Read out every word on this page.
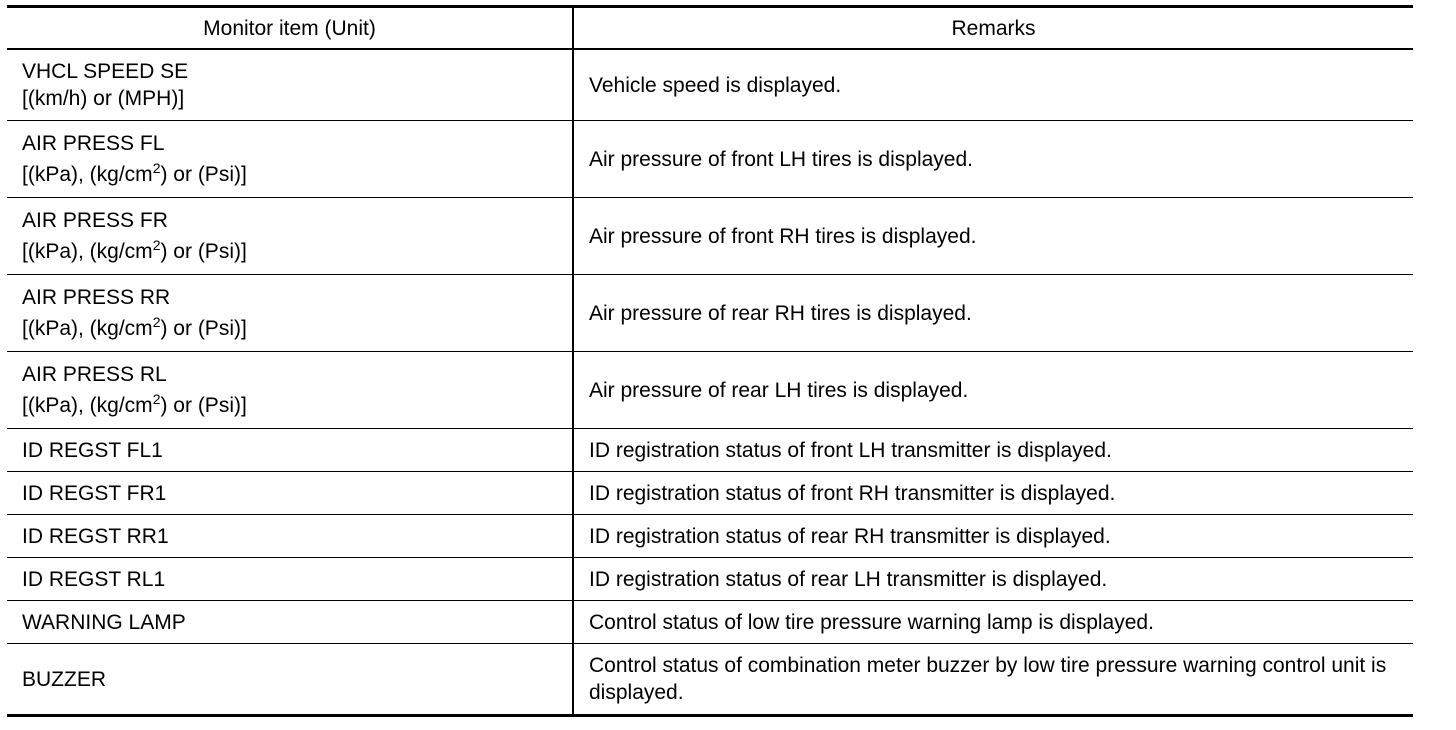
Monitor item (Unit)	Remarks

VHCL SPEED SE
[(km/h) or (MPH)]	Vehicle speed is displayed.

AIR PRESS FL
[(kPa), $(kg/cm^2)$ or (Psi)]	Air pressure of front LH tires is displayed.

AIR PRESS FR
[(kPa), $(kg/cm^2)$ or (Psi)]	Air pressure of front RH tires is displayed.

AIR PRESS RR
[(kPa), $(kg/cm^2)$ or (Psi)]	Air pressure of rear RH tires is displayed.

AIR PRESS RL
[(kPa), $(kg/cm^2)$ or (Psi)]	Air pressure of rear LH tires is displayed.
ID REGST FL1	ID registration status of front LH transmitter is displayed.
ID REGST FR1	ID registration status of front RH transmitter is displayed.
ID REGST RR1	ID registration status of rear RH transmitter is displayed.
ID REGST RL1	ID registration status of rear LH transmitter is displayed.
WARNING LAMP	Control status of low tire pressure warning lamp is displayed.
BUZZER	Control status of combination meter buzzer by low tire pressure warning control unit is displayed.
